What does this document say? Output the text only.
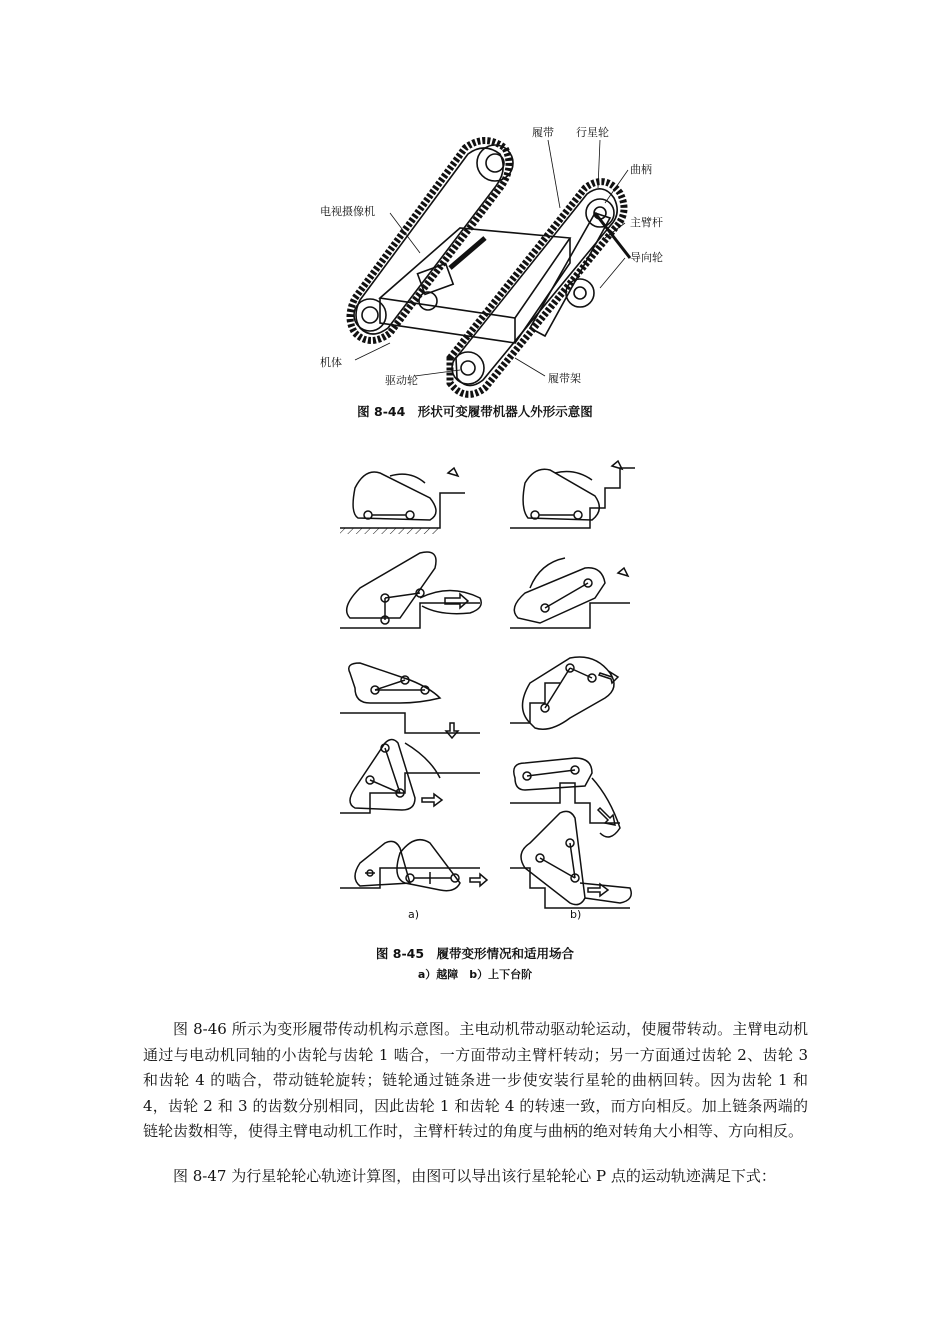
履带 行星轮
曲柄
电视摄像机
主臂杆
导向轮
机体
驱动轮	履带架
图 8-44　形状可变履带机器人外形示意图
a)	b)
图 8-45　履带变形情况和适用场合
a）越障　b）上下台阶

图 8-46 所示为变形履带传动机构示意图。主电动机带动驱动轮运动，使履带转动。主臂电动机通过与电动机同轴的小齿轮与齿轮 1 啮合，一方面带动主臂杆转动；另一方面通过齿轮 2、齿轮 3 和齿轮 4 的啮合，带动链轮旋转；链轮通过链条进一步使安装行星轮的曲柄回转。因为齿轮 1 和 4，齿轮 2 和 3 的齿数分别相同，因此齿轮 1 和齿轮 4 的转速一致，而方向相反。加上链条两端的链轮齿数相等，使得主臂电动机工作时，主臂杆转过的角度与曲柄的绝对转角大小相等、方向相反。

图 8-47 为行星轮轮心轨迹计算图，由图可以导出该行星轮轮心 P 点的运动轨迹满足下式：
